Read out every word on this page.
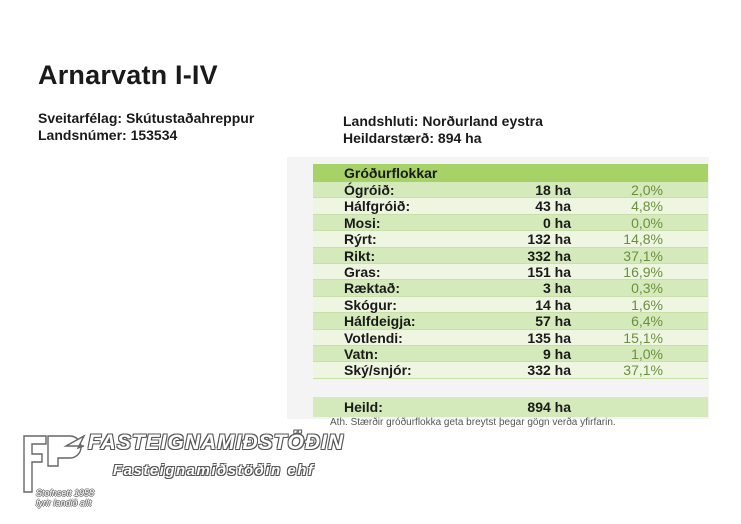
Arnarvatn I-IV
Sveitarfélag: Skútustaðahreppur
Landsnúmer: 153534
Landshluti: Norðurland eystra
Heildarstærð: 894 ha
Gróðurflokkar
Ógróið:	18 ha	2,0%
Hálfgróið:	43 ha	4,8%
Mosi:	0 ha	0,0%
Rýrt:	132 ha	14,8%
Rikt:	332 ha	37,1%
Gras:	151 ha	16,9%
Ræktað:	3 ha	0,3%
Skógur:	14 ha	1,6%
Hálfdeigja:	57 ha	6,4%
Votlendi:	135 ha	15,1%
Vatn:	9 ha	1,0%
Ský/snjór:	332 ha	37,1%
Heild:	894 ha
Ath. Stærðir gróðurflokka geta breytst þegar gögn verða yfirfarin.
FASTEIGNAMIÐSTÖÐIN
Fasteignamiðstöðin ehf
Stofnsett 1958
fyrir landið allt
